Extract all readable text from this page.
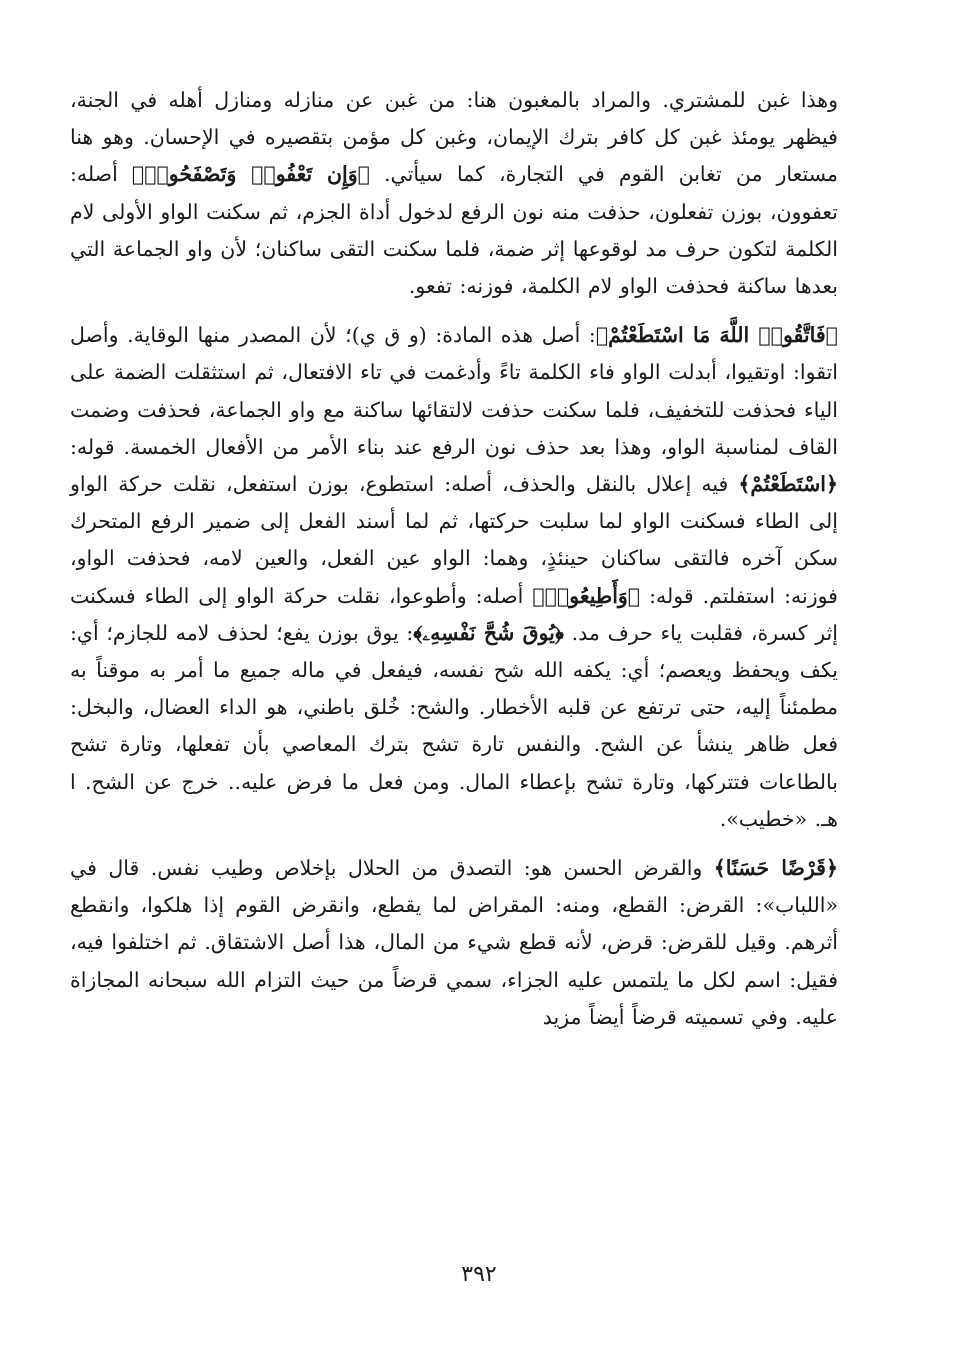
وهذا غبن للمشتري. والمراد بالمغبون هنا: من غبن عن منازله ومنازل أهله في الجنة، فيظهر يومئذ غبن كل كافر بترك الإيمان، وغبن كل مؤمن بتقصيره في الإحسان. وهو هنا مستعار من تغابن القوم في التجارة، كما سيأتي. ﴿وَإِن تَعْفُوا۟ وَتَصْفَحُوا۟﴾ أصله: تعفوون، بوزن تفعلون، حذفت منه نون الرفع لدخول أداة الجزم، ثم سكنت الواو الأولى لام الكلمة لتكون حرف مد لوقوعها إثر ضمة، فلما سكنت التقى ساكنان؛ لأن واو الجماعة التي بعدها ساكنة فحذفت الواو لام الكلمة، فوزنه: تفعو.

﴿فَاتَّقُوا۟ اللَّهَ مَا اسْتَطَعْتُمْ﴾: أصل هذه المادة: (و ق ي)؛ لأن المصدر منها الوقاية. وأصل اتقوا: اوتقيوا، أبدلت الواو فاء الكلمة تاءً وأدغمت في تاء الافتعال، ثم استثقلت الضمة على الياء فحذفت للتخفيف، فلما سكنت حذفت لالتقائها ساكنة مع واو الجماعة، فحذفت وضمت القاف لمناسبة الواو، وهذا بعد حذف نون الرفع عند بناء الأمر من الأفعال الخمسة. قوله: ﴿اسْتَطَعْتُمْ﴾ فيه إعلال بالنقل والحذف، أصله: استطوع، بوزن استفعل، نقلت حركة الواو إلى الطاء فسكنت الواو لما سلبت حركتها، ثم لما أسند الفعل إلى ضمير الرفع المتحرك سكن آخره فالتقى ساكنان حينئذٍ، وهما: الواو عين الفعل، والعين لامه، فحذفت الواو، فوزنه: استفلتم. قوله: ﴿وَأَطِيعُوا۟﴾ أصله: وأطوعوا، نقلت حركة الواو إلى الطاء فسكنت إثر كسرة، فقلبت ياء حرف مد. ﴿يُوقَ شُحَّ نَفْسِهِۦ﴾: يوق بوزن يفع؛ لحذف لامه للجازم؛ أي: يكف ويحفظ ويعصم؛ أي: يكفه الله شح نفسه، فيفعل في ماله جميع ما أمر به موقناً به مطمئناً إليه، حتى ترتفع عن قلبه الأخطار. والشح: خُلق باطني، هو الداء العضال، والبخل: فعل ظاهر ينشأ عن الشح. والنفس تارة تشح بترك المعاصي بأن تفعلها، وتارة تشح بالطاعات فتتركها، وتارة تشح بإعطاء المال. ومن فعل ما فرض عليه.. خرج عن الشح. ا هـ. «خطيب».

﴿قَرْضًا حَسَنًا﴾ والقرض الحسن هو: التصدق من الحلال بإخلاص وطيب نفس. قال في «اللباب»: القرض: القطع، ومنه: المقراض لما يقطع، وانقرض القوم إذا هلكوا، وانقطع أثرهم. وقيل للقرض: قرض، لأنه قطع شيء من المال، هذا أصل الاشتقاق. ثم اختلفوا فيه، فقيل: اسم لكل ما يلتمس عليه الجزاء، سمي قرضاً من حيث التزام الله سبحانه المجازاة عليه. وفي تسميته قرضاً أيضاً مزيد

٣٩٢
